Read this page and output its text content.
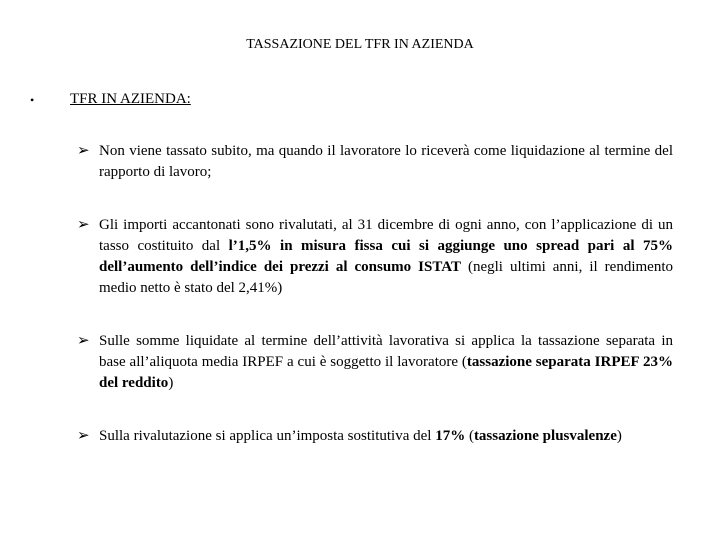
TASSAZIONE DEL TFR IN AZIENDA
• TFR IN AZIENDA:
➢ Non viene tassato subito, ma quando il lavoratore lo riceverà come liquidazione al termine del rapporto di lavoro;
➢ Gli importi accantonati sono rivalutati, al 31 dicembre di ogni anno, con l’applicazione di un tasso costituito dal l’1,5% in misura fissa cui si aggiunge uno spread pari al 75% dell’aumento dell’indice dei prezzi al consumo ISTAT (negli ultimi anni, il rendimento medio netto è stato del 2,41%)
➢ Sulle somme liquidate al termine dell’attività lavorativa si applica la tassazione separata in base all’aliquota media IRPEF a cui è soggetto il lavoratore (tassazione separata IRPEF 23% del reddito)
➢ Sulla rivalutazione si applica un’imposta sostitutiva del 17% (tassazione plusvalenze)
